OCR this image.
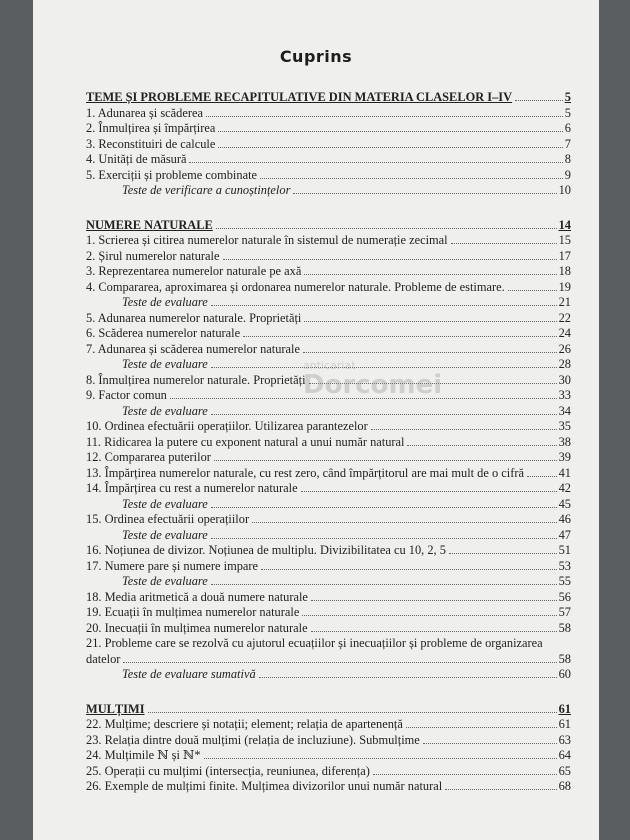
Cuprins
TEME ȘI PROBLEME RECAPITULATIVE DIN MATERIA CLASELOR I–IV	5
1. Adunarea și scăderea	5
2. Înmulțirea și împărțirea	6
3. Reconstituiri de calcule	7
4. Unități de măsură	8
5. Exerciții și probleme combinate	9
Teste de verificare a cunoștințelor	10
NUMERE NATURALE	14
1. Scrierea și citirea numerelor naturale în sistemul de numerație zecimal	15
2. Șirul numerelor naturale	17
3. Reprezentarea numerelor naturale pe axă	18
4. Compararea, aproximarea și ordonarea numerelor naturale. Probleme de estimare.	19
Teste de evaluare	21
5. Adunarea numerelor naturale. Proprietăți	22
6. Scăderea numerelor naturale	24
7. Adunarea și scăderea numerelor naturale	26
Teste de evaluare	28
8. Înmulțirea numerelor naturale. Proprietăți	30
9. Factor comun	33
Teste de evaluare	34
10. Ordinea efectuării operațiilor. Utilizarea parantezelor	35
11. Ridicarea la putere cu exponent natural a unui număr natural	38
12. Compararea puterilor	39
13. Împărțirea numerelor naturale, cu rest zero, când împărțitorul are mai mult de o cifră	41
14. Împărțirea cu rest a numerelor naturale	42
Teste de evaluare	45
15. Ordinea efectuării operațiilor	46
Teste de evaluare	47
16. Noțiunea de divizor. Noțiunea de multiplu. Divizibilitatea cu 10, 2, 5	51
17. Numere pare și numere impare	53
Teste de evaluare	55
18. Media aritmetică a două numere naturale	56
19. Ecuații în mulțimea numerelor naturale	57
20. Inecuații în mulțimea numerelor naturale	58
21. Probleme care se rezolvă cu ajutorul ecuațiilor și inecuațiilor și probleme de organizarea
datelor	58
Teste de evaluare sumativă	60
MULȚIMI	61
22. Mulțime; descriere și notații; element; relația de apartenență	61
23. Relația dintre două mulțimi (relația de incluziune). Submulțime	63
24. Mulțimile ℕ și ℕ*	64
25. Operații cu mulțimi (intersecția, reuniunea, diferența)	65
26. Exemple de mulțimi finite. Mulțimea divizorilor unui număr natural	68
anticariat
Dorcomei
